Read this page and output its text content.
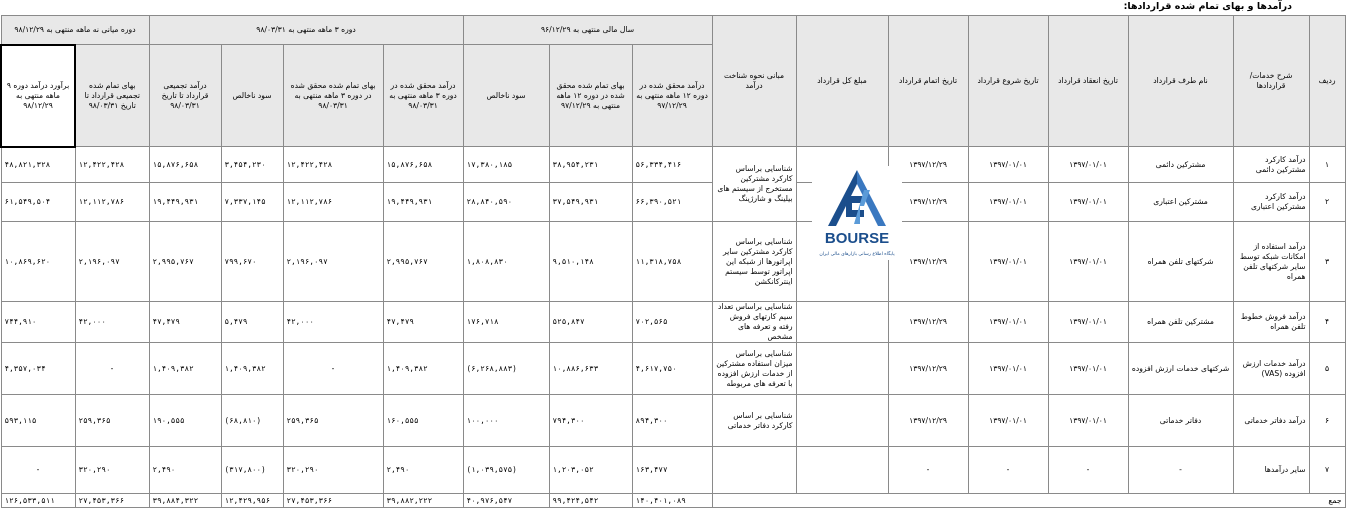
درآمدها و بهای تمام شده قراردادها:
ردیف	شرح خدمات/ قراردادها	نام طرف قرارداد	تاریخ انعقاد قرارداد	تاریخ شروع قرارداد	تاریخ اتمام قرارداد	مبلغ کل قرارداد	مبانی نحوه شناخت درآمد	سال مالی منتهی به ۹۶/۱۲/۲۹			دوره ۳ ماهه منتهی به ۹۸/۰۳/۳۱				دوره میانی نه ماهه منتهی به ۹۸/۱۲/۲۹		
								درآمد محقق شده در دوره ۱۲ ماهه منتهی به ۹۷/۱۲/۲۹	بهای تمام شده محقق شده در دوره ۱۲ ماهه منتهی به ۹۷/۱۲/۲۹	سود ناخالص	درآمد محقق شده در دوره ۳ ماهه منتهی به ۹۸/۰۳/۳۱	بهای تمام شده محقق شده در دوره ۳ ماهه منتهی به ۹۸/۰۳/۳۱	سود ناخالص	درآمد تجمیعی قرارداد تا تاریخ ۹۸/۰۳/۳۱	بهای تمام شده تجمیعی قرارداد تا تاریخ ۹۸/۰۳/۳۱	برآورد درآمد دوره ۹ ماهه منتهی به ۹۸/۱۲/۲۹	
۱	درآمد کارکرد مشترکین دائمی	مشترکین دائمی	۱۳۹۷/۰۱/۰۱	۱۳۹۷/۰۱/۰۱	۱۳۹۷/۱۲/۲۹		شناسایی براساس کارکرد مشترکین مستخرج از سیستم های بیلینگ و شارژینگ	۵۶,۳۳۴,۴۱۶	۳۸,۹۵۴,۲۳۱	۱۷,۳۸۰,۱۸۵	۱۵,۸۷۶,۶۵۸	۱۲,۴۲۲,۴۲۸	۳,۴۵۴,۲۳۰	۱۵,۸۷۶,۶۵۸	۱۲,۴۲۲,۴۲۸	۴۸,۸۲۱,۳۲۸	
۲	درآمد کارکرد مشترکین اعتباری	مشترکین اعتباری	۱۳۹۷/۰۱/۰۱	۱۳۹۷/۰۱/۰۱	۱۳۹۷/۱۲/۲۹			۶۶,۳۹۰,۵۲۱	۳۷,۵۴۹,۹۳۱	۲۸,۸۴۰,۵۹۰	۱۹,۴۴۹,۹۳۱	۱۲,۱۱۲,۷۸۶	۷,۳۳۷,۱۴۵	۱۹,۴۴۹,۹۳۱	۱۲,۱۱۲,۷۸۶	۶۱,۵۴۹,۵۰۴	
۳	درآمد استفاده از امکانات شبکه توسط سایر شرکتهای تلفن همراه	شرکتهای تلفن همراه	۱۳۹۷/۰۱/۰۱	۱۳۹۷/۰۱/۰۱	۱۳۹۷/۱۲/۲۹		شناسایی براساس کارکرد مشترکین سایر اپراتورها از شبکه این اپراتور توسط سیستم اینترکانکشن	۱۱,۳۱۸,۷۵۸	۹,۵۱۰,۱۴۸	۱,۸۰۸,۸۳۰	۲,۹۹۵,۷۶۷	۲,۱۹۶,۰۹۷	۷۹۹,۶۷۰	۲,۹۹۵,۷۶۷	۲,۱۹۶,۰۹۷	۱۰,۸۶۹,۶۲۰	
۴	درآمد فروش خطوط تلفن همراه	مشترکین تلفن همراه	۱۳۹۷/۰۱/۰۱	۱۳۹۷/۰۱/۰۱	۱۳۹۷/۱۲/۲۹		شناسایی براساس تعداد سیم کارتهای فروش رفته و تعرفه های مشخص	۷۰۲,۵۶۵	۵۲۵,۸۴۷	۱۷۶,۷۱۸	۴۷,۴۷۹	۴۲,۰۰۰	۵,۴۷۹	۴۷,۴۷۹	۴۲,۰۰۰	۷۴۴,۹۱۰	
۵	درآمد خدمات ارزش افزوده (VAS)	شرکتهای خدمات ارزش افزوده	۱۳۹۷/۰۱/۰۱	۱۳۹۷/۰۱/۰۱	۱۳۹۷/۱۲/۲۹		شناسایی براساس میزان استفاده مشترکین از خدمات ارزش افزوده با تعرفه های مربوطه	۴,۶۱۷,۷۵۰	۱۰,۸۸۶,۶۳۳	(۶,۲۶۸,۸۸۳)	۱,۴۰۹,۳۸۲	-	۱,۴۰۹,۳۸۲	۱,۴۰۹,۳۸۲	-	۴,۳۵۷,۰۳۴	
۶	درآمد دفاتر خدماتی	دفاتر خدماتی	۱۳۹۷/۰۱/۰۱	۱۳۹۷/۰۱/۰۱	۱۳۹۷/۱۲/۲۹		شناسایی بر اساس کارکرد دفاتر خدماتی	۸۹۴,۳۰۰	۷۹۴,۳۰۰	۱۰۰,۰۰۰	۱۶۰,۵۵۵	۲۵۹,۳۶۵	(۶۸,۸۱۰)	۱۹۰,۵۵۵	۲۵۹,۳۶۵	۵۹۳,۱۱۵	
۷	سایر درآمدها	-	-	-	-			۱۶۳,۴۷۷	۱,۲۰۳,۰۵۲	(۱,۰۳۹,۵۷۵)	۲,۴۹۰	۳۲۰,۲۹۰	(۳۱۷,۸۰۰)	۲,۴۹۰	۳۲۰,۲۹۰	-	
جمع								۱۴۰,۴۰۱,۰۸۹	۹۹,۴۲۴,۵۴۲	۴۰,۹۷۶,۵۴۷	۳۹,۸۸۲,۲۲۲	۲۷,۴۵۳,۳۶۶	۱۲,۴۲۹,۹۵۶	۳۹,۸۸۴,۳۲۲	۲۷,۴۵۳,۳۶۶	۱۲۶,۵۳۳,۵۱۱	
BOURSE
پایگاه اطلاع رسانی بازارهای مالی ایران
